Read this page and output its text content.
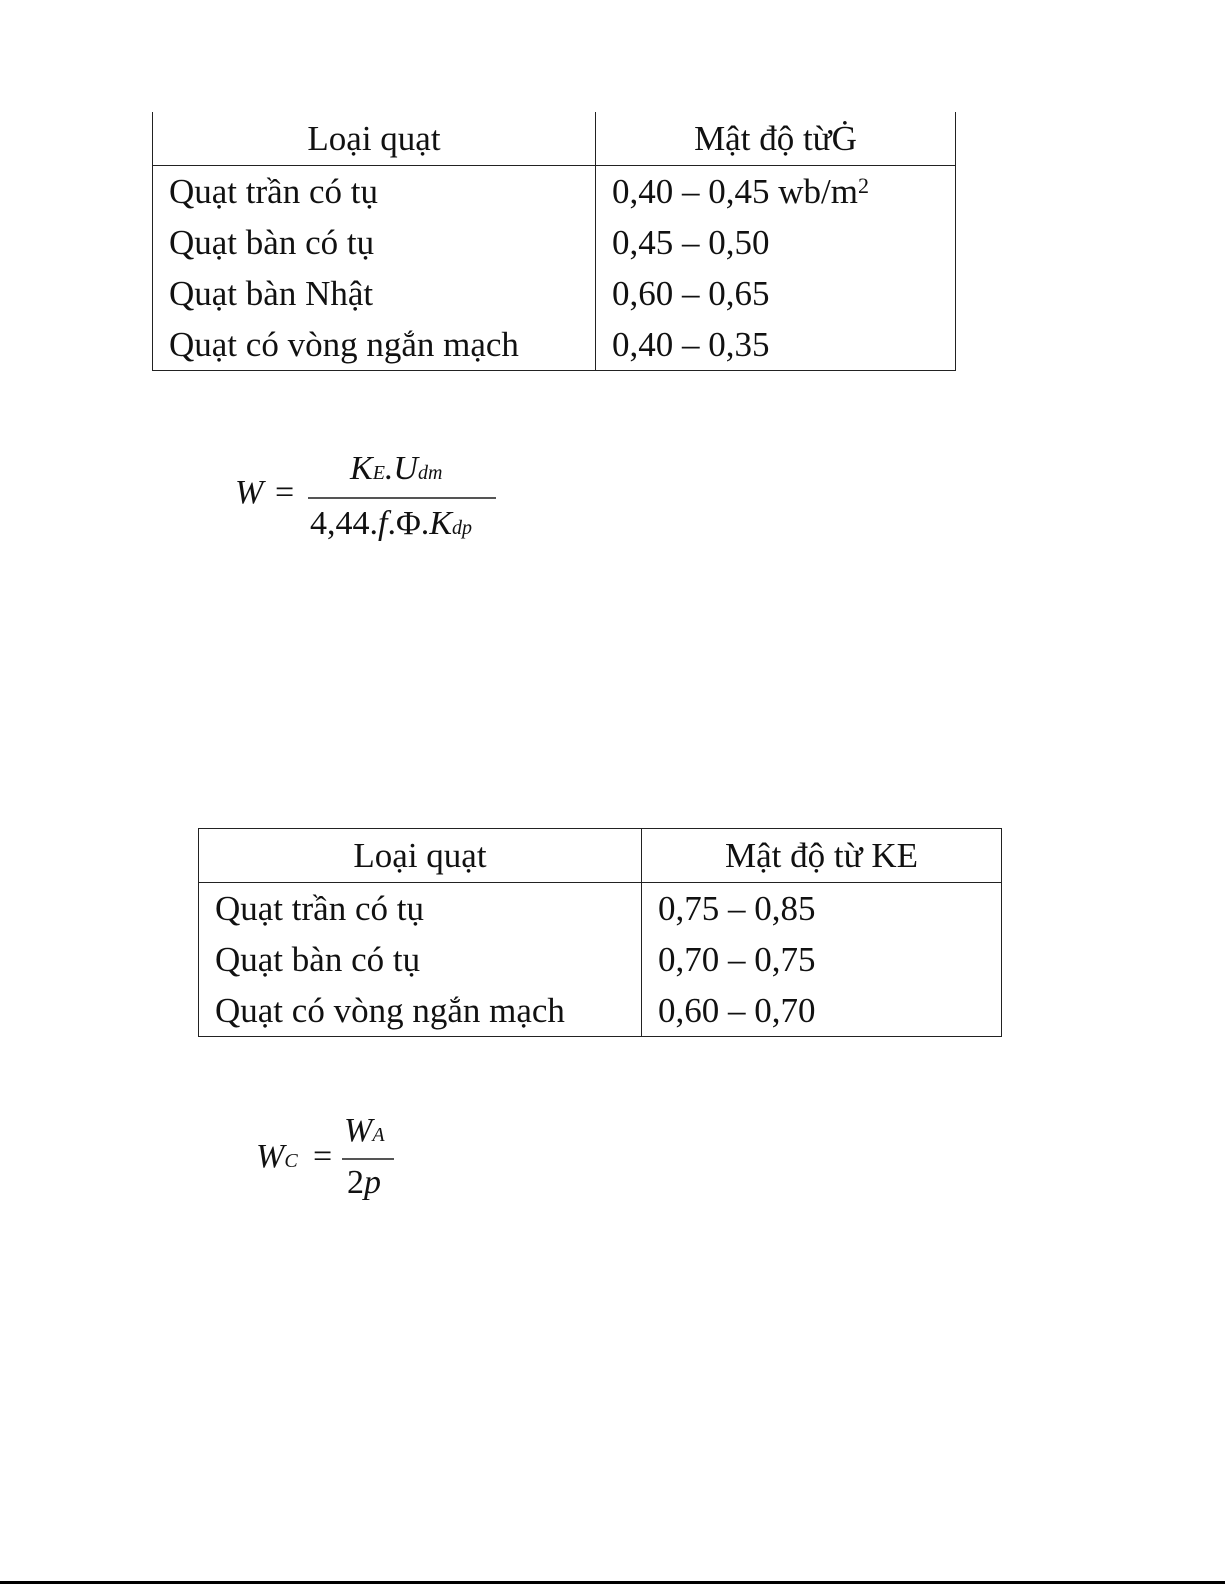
Loại quạt	Mật độ từĠ
Quạt trần có tụ	0,40 – 0,45 $wb/m^2$
Quạt bàn có tụ	0,45 – 0,50
Quạt bàn Nhật	0,60 – 0,65
Quạt có vòng ngắn mạch	0,40 – 0,35
W =
KE.Udm
4,44.f.Φ.Kdp
Loại quạt	Mật độ từ KE
Quạt trần có tụ	0,75 – 0,85
Quạt bàn có tụ	0,70 – 0,75
Quạt có vòng ngắn mạch	0,60 – 0,70
WC =
WA
2p
